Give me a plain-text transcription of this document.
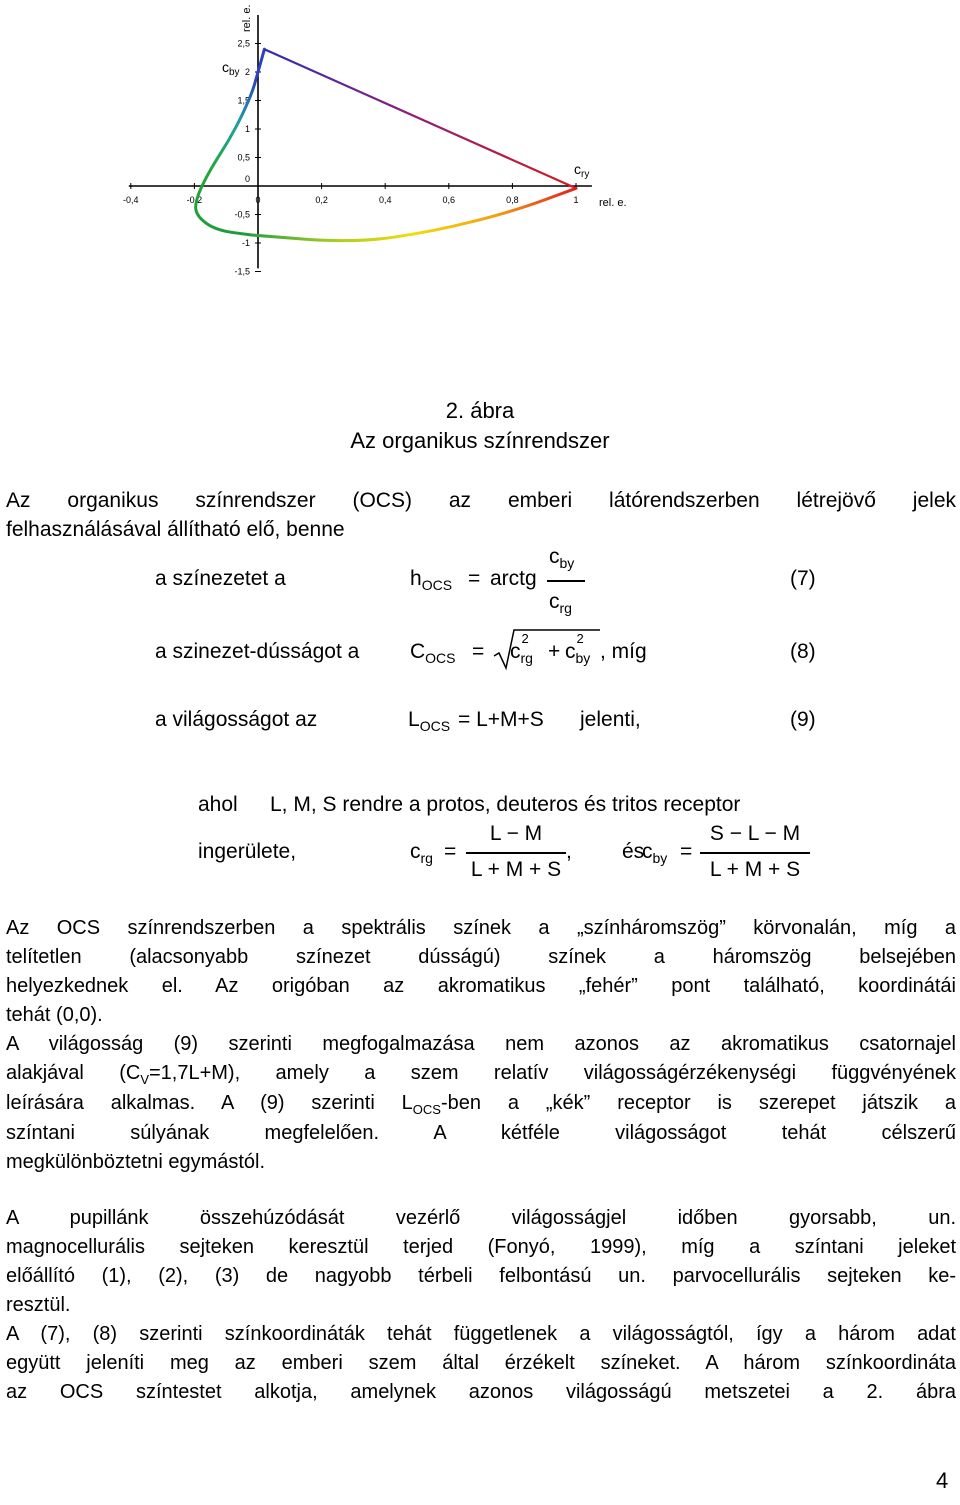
-0,4	-0,2	0	0,2	0,4	0,6	0,8	1
-1,5
-1
-0,5
0
0,5
1
1,5
2
2,5
$c_{by}$
rel. e.
$c_{ry}$
rel. e.
2. ábra
Az organikus színrendszer
Az organikus színrendszer (OCS) az emberi látórendszerben létrejövő jelek
felhasználásával állítható elő, benne
a színezetet a	$h_{OCS}$ = arctg
$c_{by}$
$c_{rg}$
(7)
a szinezet-dússágot a $C_{OCS} = c$
2
$_{rg}$ + c
2
$_{by}$ , míg	(8)
a világosságot az	$L_{OCS} = L+M+S$ jelenti,	(9)
ahol L, M, S rendre a protos, deuteros és tritos receptor
ingerülete,	$c_{rg}$ =
L − M
L + M + S
, és
$c_{by}$ =
S − L − M
L + M + S
Az OCS színrendszerben a spektrális színek a „színháromszög” körvonalán, míg a
telítetlen (alacsonyabb színezet dússágú) színek a háromszög belsejében
helyezkednek el. Az origóban az akromatikus „fehér” pont található, koordinátái
tehát (0,0).
A világosság (9) szerinti megfogalmazása nem azonos az akromatikus csatornajel
alakjával $(C_V=1,7L+M)$, amely a szem relatív világosságérzékenységi függvényének
leírására alkalmas. A (9) szerinti $L_{OCS}$-ben a „kék” receptor is szerepet játszik a
színtani súlyának megfelelően. A kétféle világosságot tehát célszerű
megkülönböztetni egymástól.
A pupillánk összehúzódását vezérlő világosságjel időben gyorsabb, un.
magnocellurális sejteken keresztül terjed (Fonyó, 1999), míg a színtani jeleket
előállító (1), (2), (3) de nagyobb térbeli felbontású un. parvocellurális sejteken ke-
resztül.
A (7), (8) szerinti színkoordináták tehát függetlenek a világosságtól, így a három adat
együtt jeleníti meg az emberi szem által érzékelt színeket. A három színkoordináta
az OCS színtestet alkotja, amelynek azonos világosságú metszetei a 2. ábra
4
